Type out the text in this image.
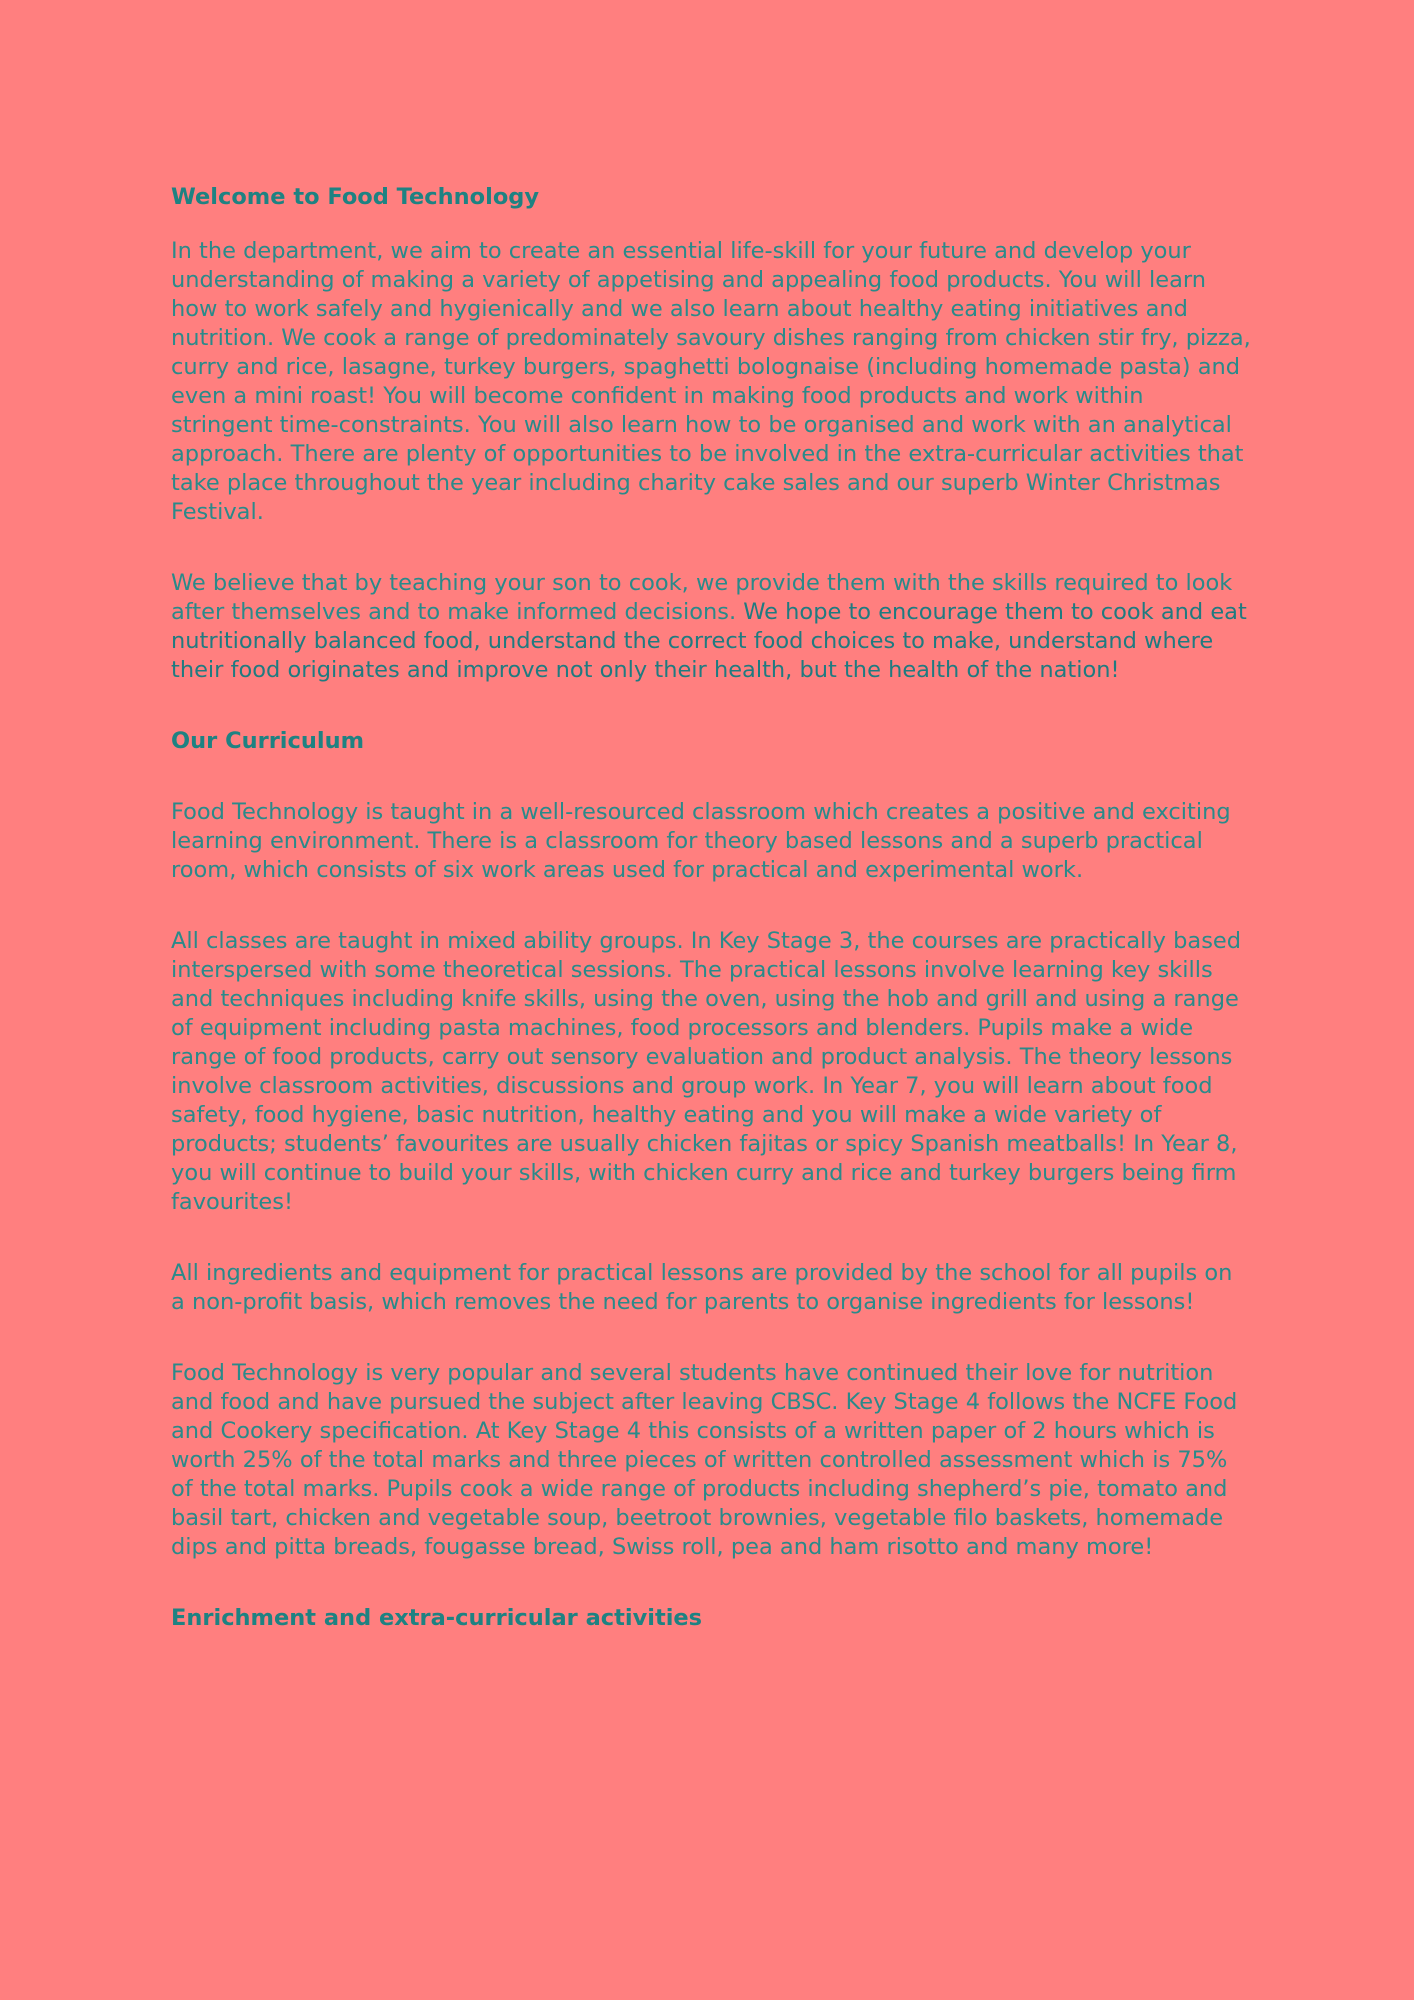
Welcome to Food Technology

In the department, we aim to create an essential life-skill for your future and develop your understanding of making a variety of appetising and appealing food products. You will learn how to work safely and hygienically and we also learn about healthy eating initiatives and nutrition. We cook a range of predominately savoury dishes ranging from chicken stir fry, pizza, curry and rice, lasagne, turkey burgers, spaghetti bolognaise (including homemade pasta) and even a mini roast! You will become confident in making food products and work within stringent time-constraints. You will also learn how to be organised and work with an analytical approach. There are plenty of opportunities to be involved in the extra-curricular activities that take place throughout the year including charity cake sales and our superb Winter Christmas Festival.

We believe that by teaching your son to cook, we provide them with the skills required to look after themselves and to make informed decisions. We hope to encourage them to cook and eat nutritionally balanced food, understand the correct food choices to make, understand where their food originates and improve not only their health, but the health of the nation!

Our Curriculum

Food Technology is taught in a well-resourced classroom which creates a positive and exciting learning environment. There is a classroom for theory based lessons and a superb practical room, which consists of six work areas used for practical and experimental work.

All classes are taught in mixed ability groups. In Key Stage 3, the courses are practically based interspersed with some theoretical sessions. The practical lessons involve learning key skills and techniques including knife skills, using the oven, using the hob and grill and using a range of equipment including pasta machines, food processors and blenders. Pupils make a wide range of food products, carry out sensory evaluation and product analysis. The theory lessons involve classroom activities, discussions and group work. In Year 7, you will learn about food safety, food hygiene, basic nutrition, healthy eating and you will make a wide variety of products; students’ favourites are usually chicken fajitas or spicy Spanish meatballs! In Year 8, you will continue to build your skills, with chicken curry and rice and turkey burgers being firm favourites!

All ingredients and equipment for practical lessons are provided by the school for all pupils on a non-profit basis, which removes the need for parents to organise ingredients for lessons!

Food Technology is very popular and several students have continued their love for nutrition and food and have pursued the subject after leaving CBSC. Key Stage 4 follows the NCFE Food and Cookery specification. At Key Stage 4 this consists of a written paper of 2 hours which is worth 25% of the total marks and three pieces of written controlled assessment which is 75% of the total marks. Pupils cook a wide range of products including shepherd’s pie, tomato and basil tart, chicken and vegetable soup, beetroot brownies, vegetable filo baskets, homemade dips and pitta breads, fougasse bread, Swiss roll, pea and ham risotto and many more!

Enrichment and extra-curricular activities
